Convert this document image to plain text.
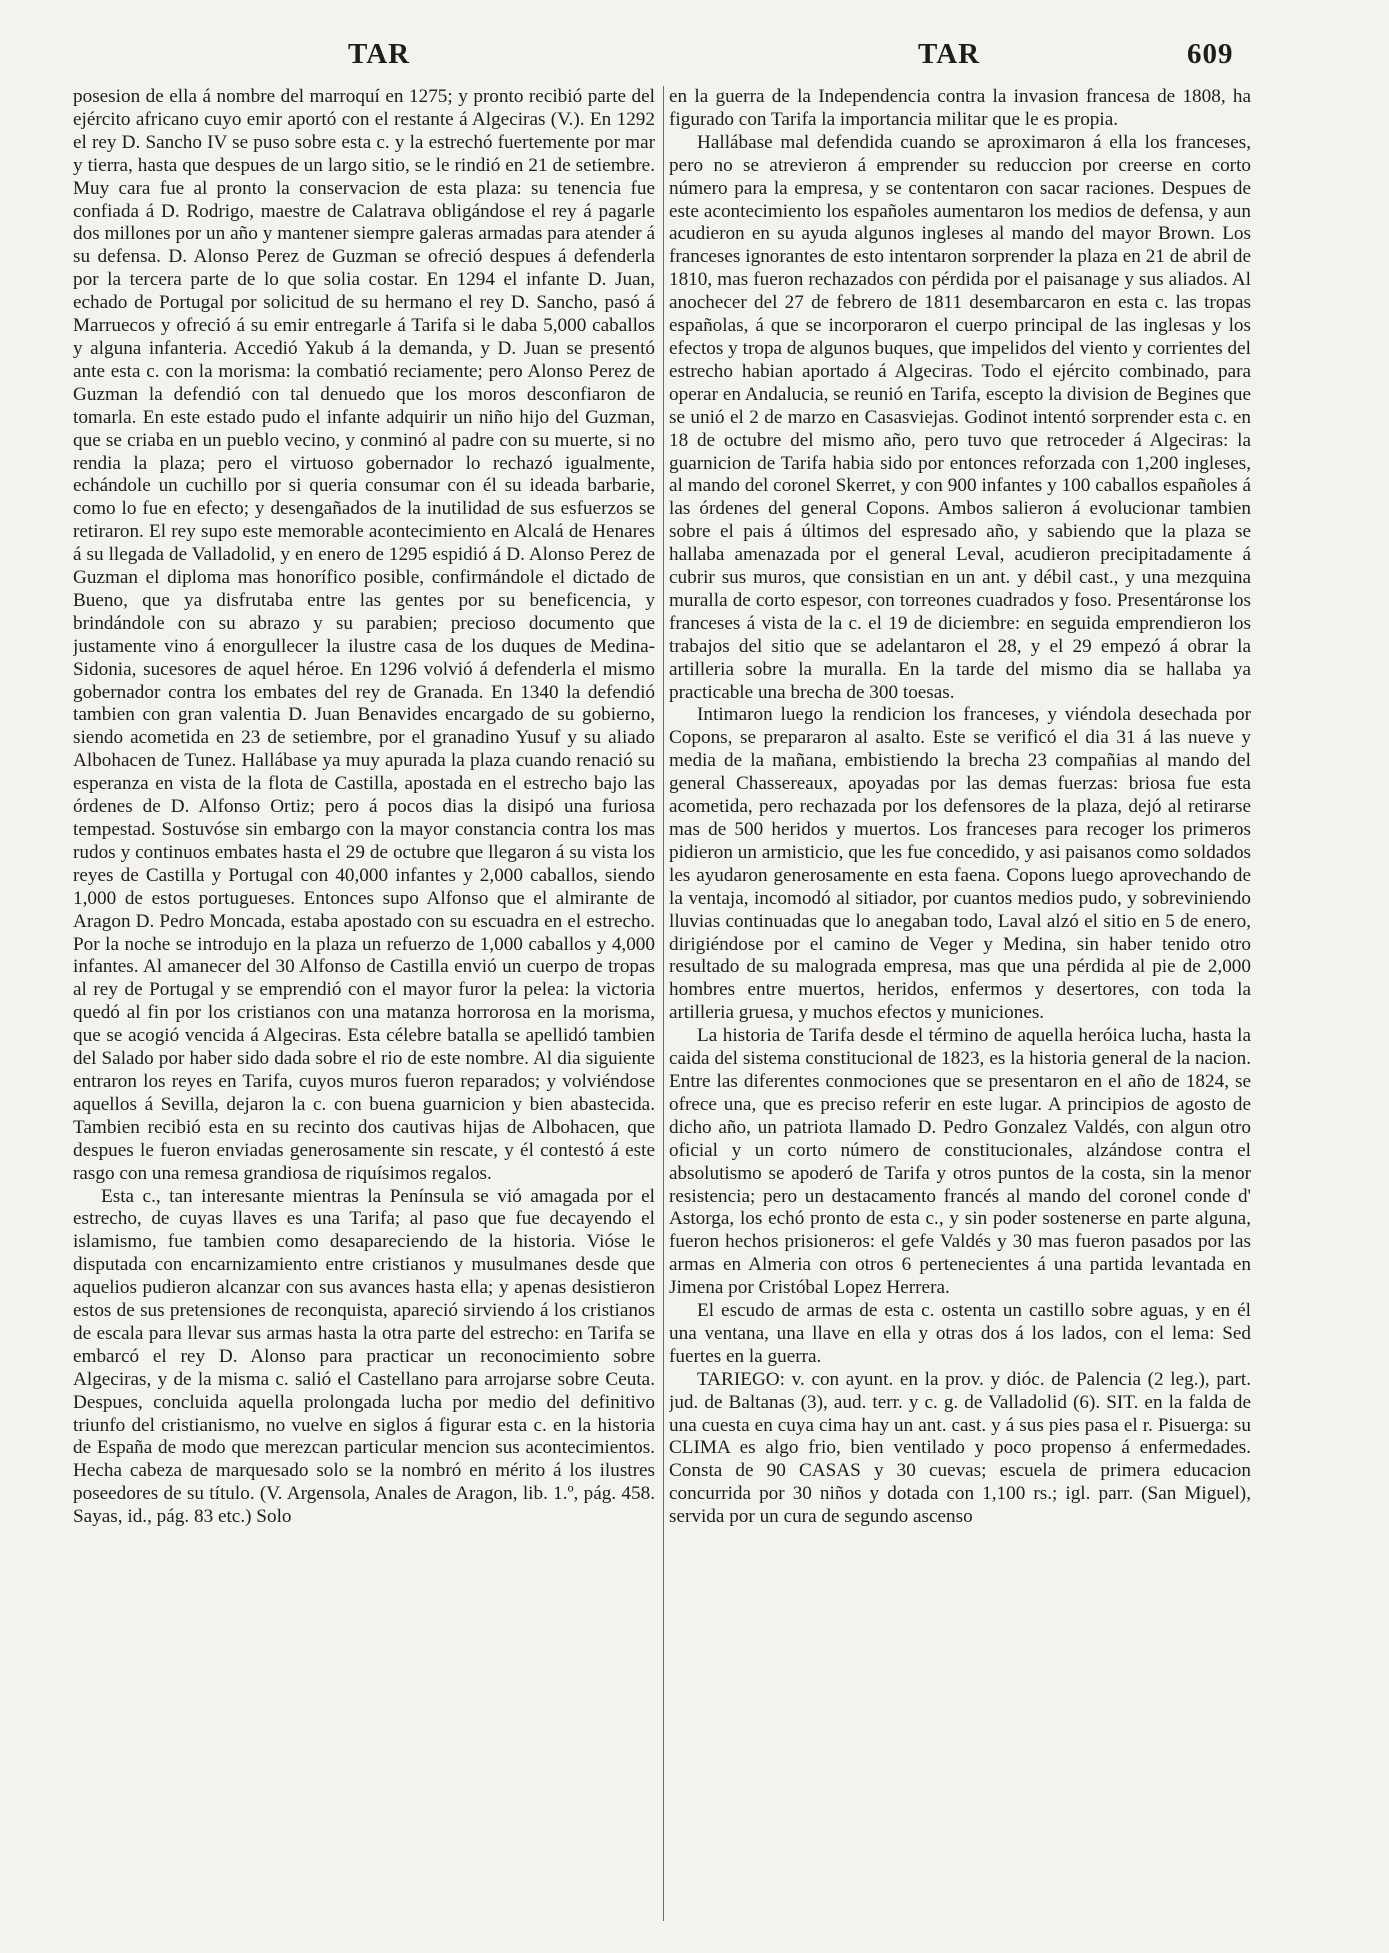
TAR	TAR	609

posesion de ella á nombre del marroquí en 1275; y pronto recibió parte del ejército africano cuyo emir aportó con el restante á Algeciras (V.). En 1292 el rey D. Sancho IV se puso sobre esta c. y la estrechó fuertemente por mar y tierra, hasta que despues de un largo sitio, se le rindió en 21 de setiembre. Muy cara fue al pronto la conservacion de esta plaza: su tenencia fue confiada á D. Rodrigo, maestre de Calatrava obligándose el rey á pagarle dos millones por un año y mantener siempre galeras armadas para atender á su defensa. D. Alonso Perez de Guzman se ofreció despues á defenderla por la tercera parte de lo que solia costar. En 1294 el infante D. Juan, echado de Portugal por solicitud de su hermano el rey D. Sancho, pasó á Marruecos y ofreció á su emir entregarle á Tarifa si le daba 5,000 caballos y alguna infanteria. Accedió Yakub á la demanda, y D. Juan se presentó ante esta c. con la morisma: la combatió reciamente; pero Alonso Perez de Guzman la defendió con tal denuedo que los moros desconfiaron de tomarla. En este estado pudo el infante adquirir un niño hijo del Guzman, que se criaba en un pueblo vecino, y conminó al padre con su muerte, si no rendia la plaza; pero el virtuoso gobernador lo rechazó igualmente, echándole un cuchillo por si queria consumar con él su ideada barbarie, como lo fue en efecto; y desengañados de la inutilidad de sus esfuerzos se retiraron. El rey supo este memorable acontecimiento en Alcalá de Henares á su llegada de Valladolid, y en enero de 1295 espidió á D. Alonso Perez de Guzman el diploma mas honorífico posible, confirmándole el dictado de Bueno, que ya disfrutaba entre las gentes por su beneficencia, y brindándole con su abrazo y su parabien; precioso documento que justamente vino á enorgullecer la ilustre casa de los duques de Medina-Sidonia, sucesores de aquel héroe. En 1296 volvió á defenderla el mismo gobernador contra los embates del rey de Granada. En 1340 la defendió tambien con gran valentia D. Juan Benavides encargado de su gobierno, siendo acometida en 23 de setiembre, por el granadino Yusuf y su aliado Albohacen de Tunez. Hallábase ya muy apurada la plaza cuando renació su esperanza en vista de la flota de Castilla, apostada en el estrecho bajo las órdenes de D. Alfonso Ortiz; pero á pocos dias la disipó una furiosa tempestad. Sostuvóse sin embargo con la mayor constancia contra los mas rudos y continuos embates hasta el 29 de octubre que llegaron á su vista los reyes de Castilla y Portugal con 40,000 infantes y 2,000 caballos, siendo 1,000 de estos portugueses. Entonces supo Alfonso que el almirante de Aragon D. Pedro Moncada, estaba apostado con su escuadra en el estrecho. Por la noche se introdujo en la plaza un refuerzo de 1,000 caballos y 4,000 infantes. Al amanecer del 30 Alfonso de Castilla envió un cuerpo de tropas al rey de Portugal y se emprendió con el mayor furor la pelea: la victoria quedó al fin por los cristianos con una matanza horrorosa en la morisma, que se acogió vencida á Algeciras. Esta célebre batalla se apellidó tambien del Salado por haber sido dada sobre el rio de este nombre. Al dia siguiente entraron los reyes en Tarifa, cuyos muros fueron reparados; y volviéndose aquellos á Sevilla, dejaron la c. con buena guarnicion y bien abastecida. Tambien recibió esta en su recinto dos cautivas hijas de Albohacen, que despues le fueron enviadas generosamente sin rescate, y él contestó á este rasgo con una remesa grandiosa de riquísimos regalos.

Esta c., tan interesante mientras la Península se vió amagada por el estrecho, de cuyas llaves es una Tarifa; al paso que fue decayendo el islamismo, fue tambien como desapareciendo de la historia. Vióse le disputada con encarnizamiento entre cristianos y musulmanes desde que aquelios pudieron alcanzar con sus avances hasta ella; y apenas desistieron estos de sus pretensiones de reconquista, apareció sirviendo á los cristianos de escala para llevar sus armas hasta la otra parte del estrecho: en Tarifa se embarcó el rey D. Alonso para practicar un reconocimiento sobre Algeciras, y de la misma c. salió el Castellano para arrojarse sobre Ceuta. Despues, concluida aquella prolongada lucha por medio del definitivo triunfo del cristianismo, no vuelve en siglos á figurar esta c. en la historia de España de modo que merezcan particular mencion sus acontecimientos. Hecha cabeza de marquesado solo se la nombró en mérito á los ilustres poseedores de su título. (V. Argensola, Anales de Aragon, lib. 1.º, pág. 458. Sayas, id., pág. 83 etc.) Solo

en la guerra de la Independencia contra la invasion francesa de 1808, ha figurado con Tarifa la importancia militar que le es propia.

Hallábase mal defendida cuando se aproximaron á ella los franceses, pero no se atrevieron á emprender su reduccion por creerse en corto número para la empresa, y se contentaron con sacar raciones. Despues de este acontecimiento los españoles aumentaron los medios de defensa, y aun acudieron en su ayuda algunos ingleses al mando del mayor Brown. Los franceses ignorantes de esto intentaron sorprender la plaza en 21 de abril de 1810, mas fueron rechazados con pérdida por el paisanage y sus aliados. Al anochecer del 27 de febrero de 1811 desembarcaron en esta c. las tropas españolas, á que se incorporaron el cuerpo principal de las inglesas y los efectos y tropa de algunos buques, que impelidos del viento y corrientes del estrecho habian aportado á Algeciras. Todo el ejército combinado, para operar en Andalucia, se reunió en Tarifa, escepto la division de Begines que se unió el 2 de marzo en Casasviejas. Godinot intentó sorprender esta c. en 18 de octubre del mismo año, pero tuvo que retroceder á Algeciras: la guarnicion de Tarifa habia sido por entonces reforzada con 1,200 ingleses, al mando del coronel Skerret, y con 900 infantes y 100 caballos españoles á las órdenes del general Copons. Ambos salieron á evolucionar tambien sobre el pais á últimos del espresado año, y sabiendo que la plaza se hallaba amenazada por el general Leval, acudieron precipitadamente á cubrir sus muros, que consistian en un ant. y débil cast., y una mezquina muralla de corto espesor, con torreones cuadrados y foso. Presentáronse los franceses á vista de la c. el 19 de diciembre: en seguida emprendieron los trabajos del sitio que se adelantaron el 28, y el 29 empezó á obrar la artilleria sobre la muralla. En la tarde del mismo dia se hallaba ya practicable una brecha de 300 toesas.

Intimaron luego la rendicion los franceses, y viéndola desechada por Copons, se prepararon al asalto. Este se verificó el dia 31 á las nueve y media de la mañana, embistiendo la brecha 23 compañias al mando del general Chassereaux, apoyadas por las demas fuerzas: briosa fue esta acometida, pero rechazada por los defensores de la plaza, dejó al retirarse mas de 500 heridos y muertos. Los franceses para recoger los primeros pidieron un armisticio, que les fue concedido, y asi paisanos como soldados les ayudaron generosamente en esta faena. Copons luego aprovechando de la ventaja, incomodó al sitiador, por cuantos medios pudo, y sobreviniendo lluvias continuadas que lo anegaban todo, Laval alzó el sitio en 5 de enero, dirigiéndose por el camino de Veger y Medina, sin haber tenido otro resultado de su malograda empresa, mas que una pérdida al pie de 2,000 hombres entre muertos, heridos, enfermos y desertores, con toda la artilleria gruesa, y muchos efectos y municiones.

La historia de Tarifa desde el término de aquella heróica lucha, hasta la caida del sistema constitucional de 1823, es la historia general de la nacion. Entre las diferentes conmociones que se presentaron en el año de 1824, se ofrece una, que es preciso referir en este lugar. A principios de agosto de dicho año, un patriota llamado D. Pedro Gonzalez Valdés, con algun otro oficial y un corto número de constitucionales, alzándose contra el absolutismo se apoderó de Tarifa y otros puntos de la costa, sin la menor resistencia; pero un destacamento francés al mando del coronel conde d' Astorga, los echó pronto de esta c., y sin poder sostenerse en parte alguna, fueron hechos prisioneros: el gefe Valdés y 30 mas fueron pasados por las armas en Almeria con otros 6 pertenecientes á una partida levantada en Jimena por Cristóbal Lopez Herrera.

El escudo de armas de esta c. ostenta un castillo sobre aguas, y en él una ventana, una llave en ella y otras dos á los lados, con el lema: Sed fuertes en la guerra.

TARIEGO: v. con ayunt. en la prov. y dióc. de Palencia (2 leg.), part. jud. de Baltanas (3), aud. terr. y c. g. de Valladolid (6). SIT. en la falda de una cuesta en cuya cima hay un ant. cast. y á sus pies pasa el r. Pisuerga: su CLIMA es algo frio, bien ventilado y poco propenso á enfermedades. Consta de 90 CASAS y 30 cuevas; escuela de primera educacion concurrida por 30 niños y dotada con 1,100 rs.; igl. parr. (San Miguel), servida por un cura de segundo ascenso
